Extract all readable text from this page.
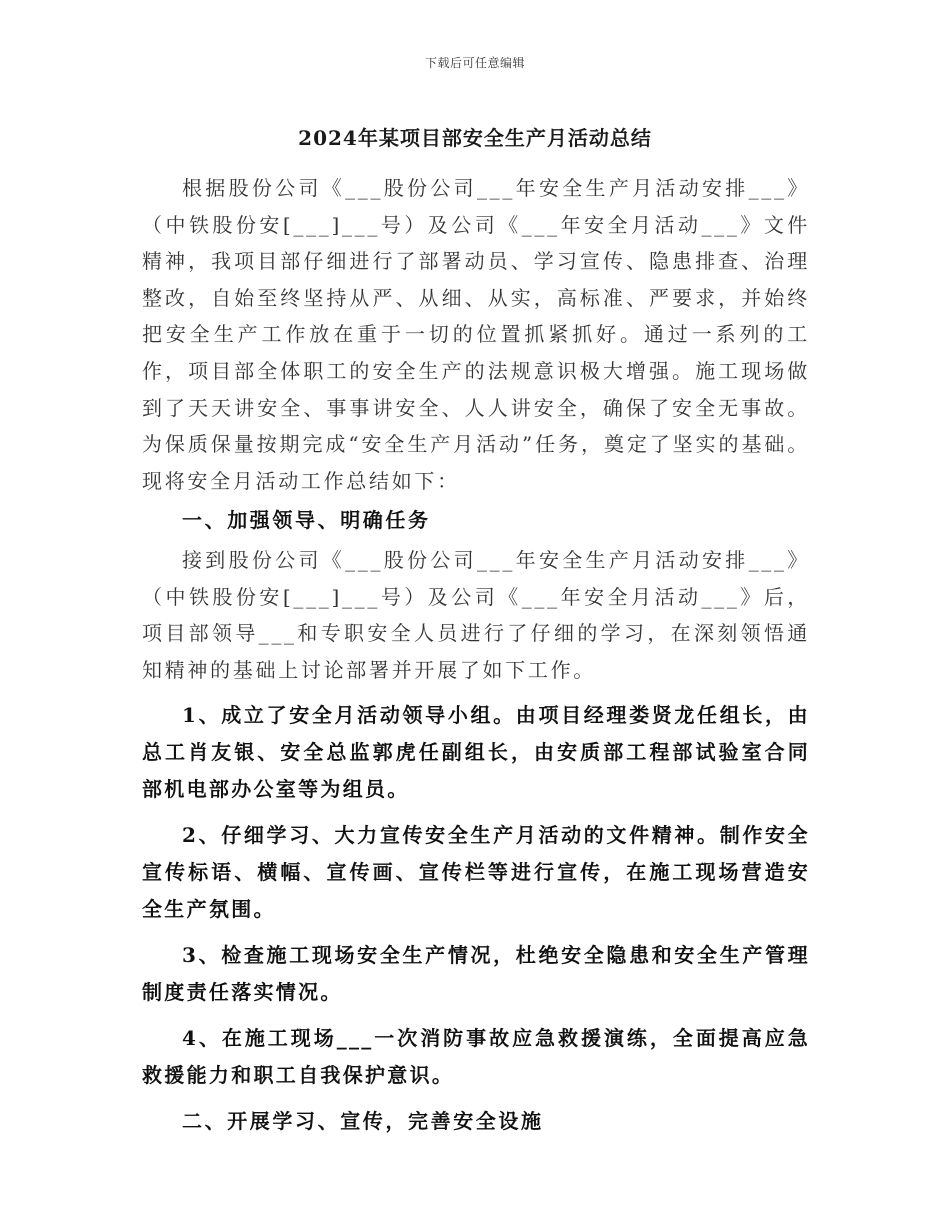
下载后可任意编辑
2024年某项目部安全生产月活动总结

根据股份公司《___股份公司___年安全生产月活动安排___》（中铁股份安[___]___号）及公司《___年安全月活动___》文件精神，我项目部仔细进行了部署动员、学习宣传、隐患排查、治理整改，自始至终坚持从严、从细、从实，高标准、严要求，并始终把安全生产工作放在重于一切的位置抓紧抓好。通过一系列的工作，项目部全体职工的安全生产的法规意识极大增强。施工现场做到了天天讲安全、事事讲安全、人人讲安全，确保了安全无事故。为保质保量按期完成“安全生产月活动”任务，奠定了坚实的基础。现将安全月活动工作总结如下：

一、加强领导、明确任务

接到股份公司《___股份公司___年安全生产月活动安排___》（中铁股份安[___]___号）及公司《___年安全月活动___》后，项目部领导___和专职安全人员进行了仔细的学习，在深刻领悟通知精神的基础上讨论部署并开展了如下工作。

1、成立了安全月活动领导小组。由项目经理娄贤龙任组长，由总工肖友银、安全总监郭虎任副组长，由安质部工程部试验室合同部机电部办公室等为组员。

2、仔细学习、大力宣传安全生产月活动的文件精神。制作安全宣传标语、横幅、宣传画、宣传栏等进行宣传，在施工现场营造安全生产氛围。

3、检查施工现场安全生产情况，杜绝安全隐患和安全生产管理制度责任落实情况。

4、在施工现场___一次消防事故应急救援演练，全面提高应急救援能力和职工自我保护意识。

二、开展学习、宣传，完善安全设施
